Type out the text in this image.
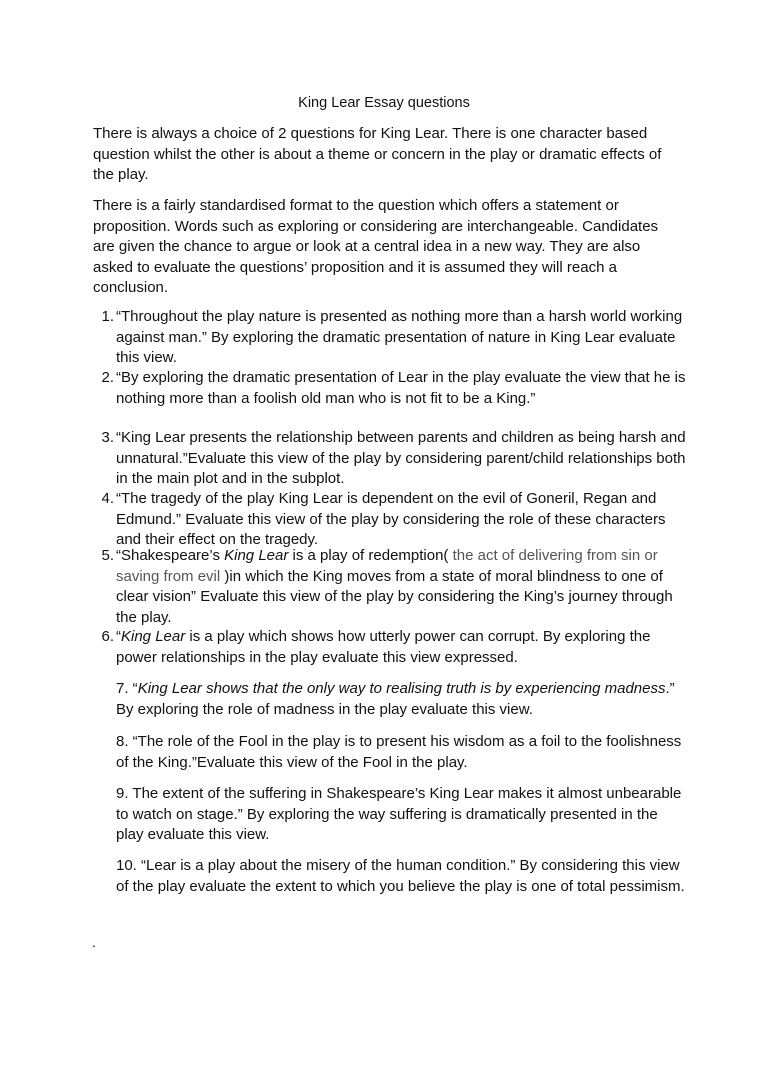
King Lear Essay questions

There is always a choice of 2 questions for King Lear. There is one character based question whilst the other is about a theme or concern in the play or dramatic effects of the play.

There is a fairly standardised format to the question which offers a statement or proposition. Words such as exploring or considering are interchangeable. Candidates are given the chance to argue or look at a central idea in a new way. They are also asked to evaluate the questions’ proposition and it is assumed they will reach a conclusion.

1. “Throughout the play nature is presented as nothing more than a harsh world working against man.” By exploring the dramatic presentation of nature in King Lear evaluate this view.
2. “By exploring the dramatic presentation of Lear in the play evaluate the view that he is nothing more than a foolish old man who is not fit to be a King.”
3. “King Lear presents the relationship between parents and children as being harsh and unnatural.”Evaluate this view of the play by considering parent/child relationships both in the main plot and in the subplot.
4. “The tragedy of the play King Lear is dependent on the evil of Goneril, Regan and Edmund.” Evaluate this view of the play by considering the role of these characters and their effect on the tragedy.
5. “Shakespeare’s King Lear is a play of redemption( the act of delivering from sin or saving from evil )in which the King moves from a state of moral blindness to one of clear vision” Evaluate this view of the play by considering the King’s journey through the play.
6. “King Lear is a play which shows how utterly power can corrupt. By exploring the power relationships in the play evaluate this view expressed.

7. “King Lear shows that the only way to realising truth is by experiencing madness.” By exploring the role of madness in the play evaluate this view.

8. “The role of the Fool in the play is to present his wisdom as a foil to the foolishness of the King.”Evaluate this view of the Fool in the play.

9. The extent of the suffering in Shakespeare’s King Lear makes it almost unbearable to watch on stage.” By exploring the way suffering is dramatically presented in the play evaluate this view.

10. “Lear is a play about the misery of the human condition.” By considering this view of the play evaluate the extent to which you believe the play is one of total pessimism.

.
